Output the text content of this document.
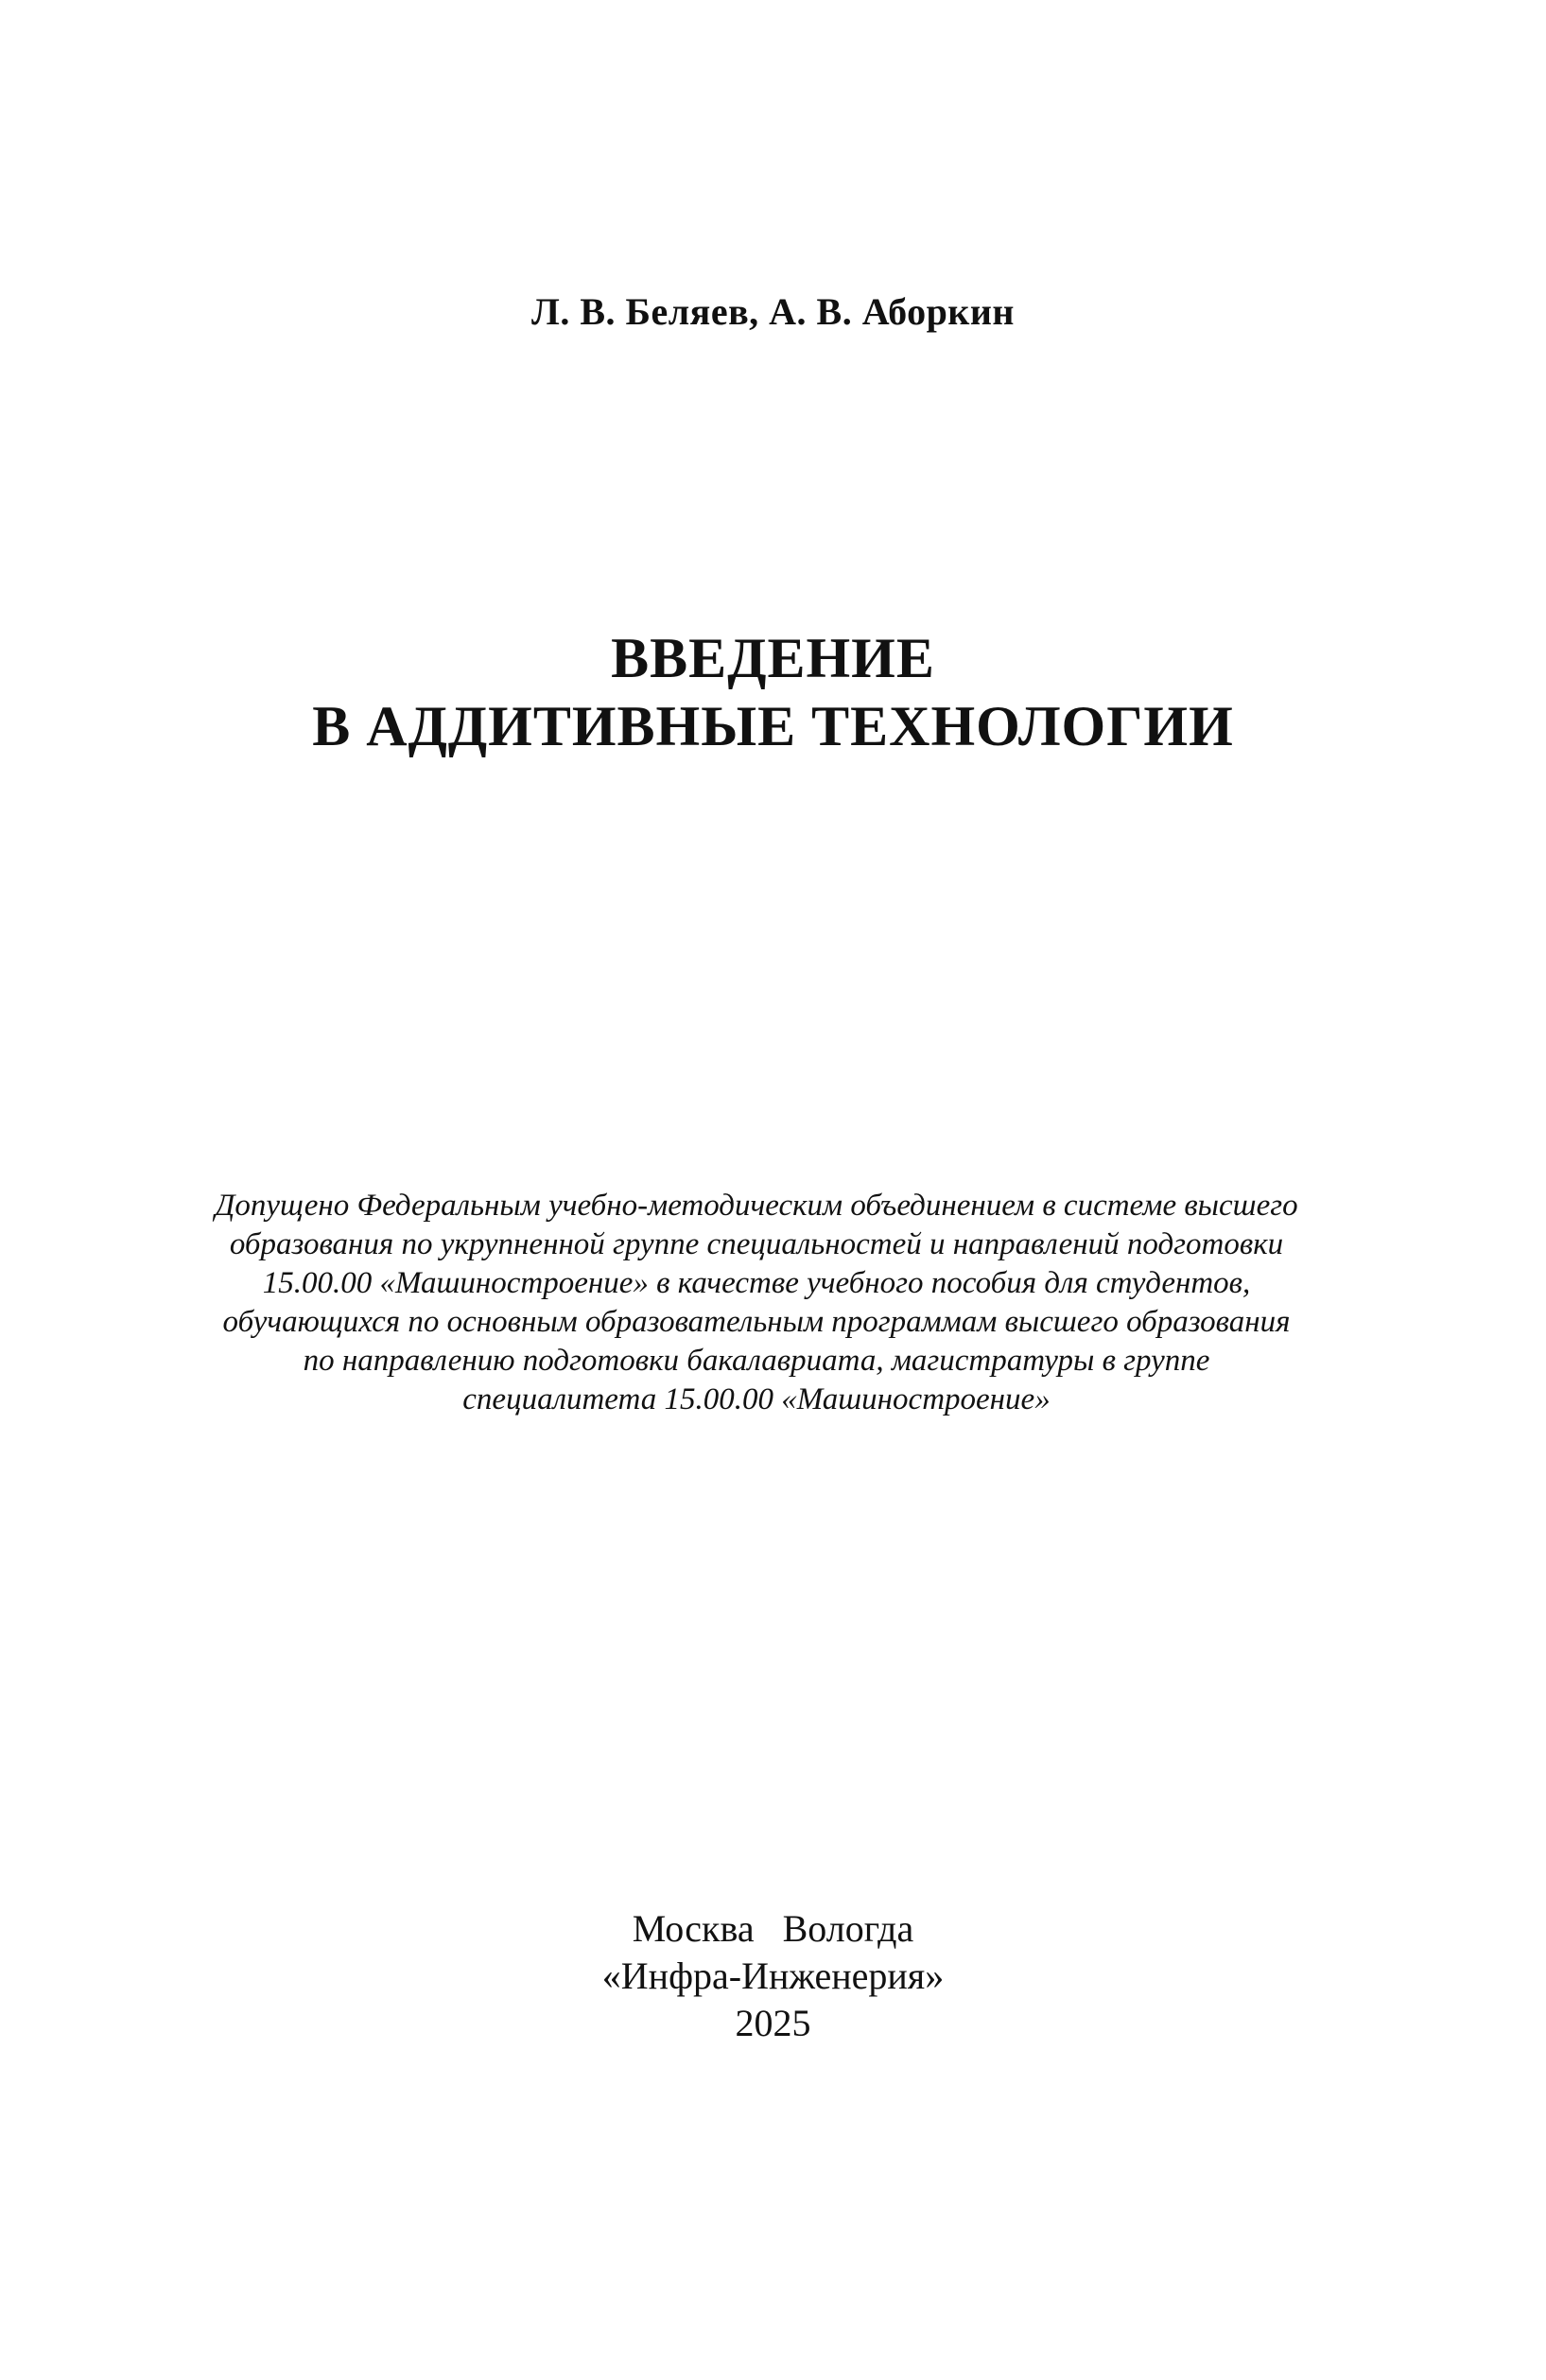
Л. В. Беляев, А. В. Аборкин
ВВЕДЕНИЕ
В АДДИТИВНЫЕ ТЕХНОЛОГИИ
Допущено Федеральным учебно-методическим объединением в системе высшего
образования по укрупненной группе специальностей и направлений подготовки
15.00.00 «Машиностроение» в качестве учебного пособия для студентов,
обучающихся по основным образовательным программам высшего образования
по направлению подготовки бакалавриата, магистратуры в группе
специалитета 15.00.00 «Машиностроение»
Москва Вологда
«Инфра-Инженерия»
2025
